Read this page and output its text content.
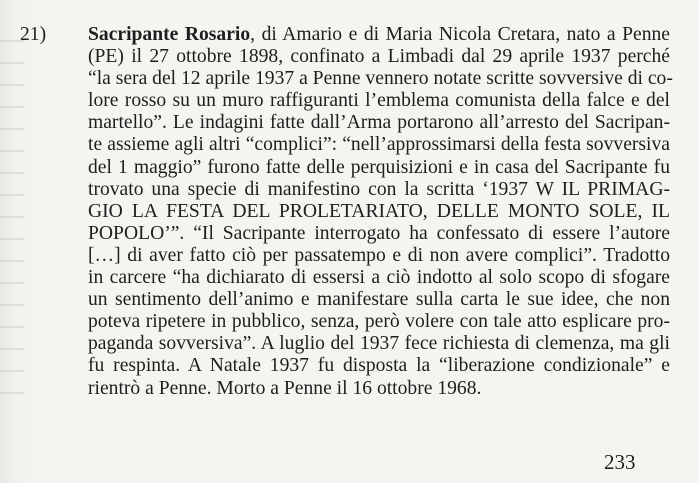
21) Sacripante Rosario, di Amario e di Maria Nicola Cretara, nato a Penne
(PE) il 27 ottobre 1898, confinato a Limbadi dal 29 aprile 1937 perché
“la sera del 12 aprile 1937 a Penne vennero notate scritte sovversive di co-
lore rosso su un muro raffiguranti l’emblema comunista della falce e del
martello”. Le indagini fatte dall’Arma portarono all’arresto del Sacripan-
te assieme agli altri “complici”: “nell’approssimarsi della festa sovversiva
del 1 maggio” furono fatte delle perquisizioni e in casa del Sacripante fu
trovato una specie di manifestino con la scritta ‘1937 W IL PRIMAG-
GIO LA FESTA DEL PROLETARIATO, DELLE MONTO SOLE, IL
POPOLO’”. “Il Sacripante interrogato ha confessato di essere l’autore
[…] di aver fatto ciò per passatempo e di non avere complici”. Tradotto
in carcere “ha dichiarato di essersi a ciò indotto al solo scopo di sfogare
un sentimento dell’animo e manifestare sulla carta le sue idee, che non
poteva ripetere in pubblico, senza, però volere con tale atto esplicare pro-
paganda sovversiva”. A luglio del 1937 fece richiesta di clemenza, ma gli
fu respinta. A Natale 1937 fu disposta la “liberazione condizionale” e
rientrò a Penne. Morto a Penne il 16 ottobre 1968.
233
